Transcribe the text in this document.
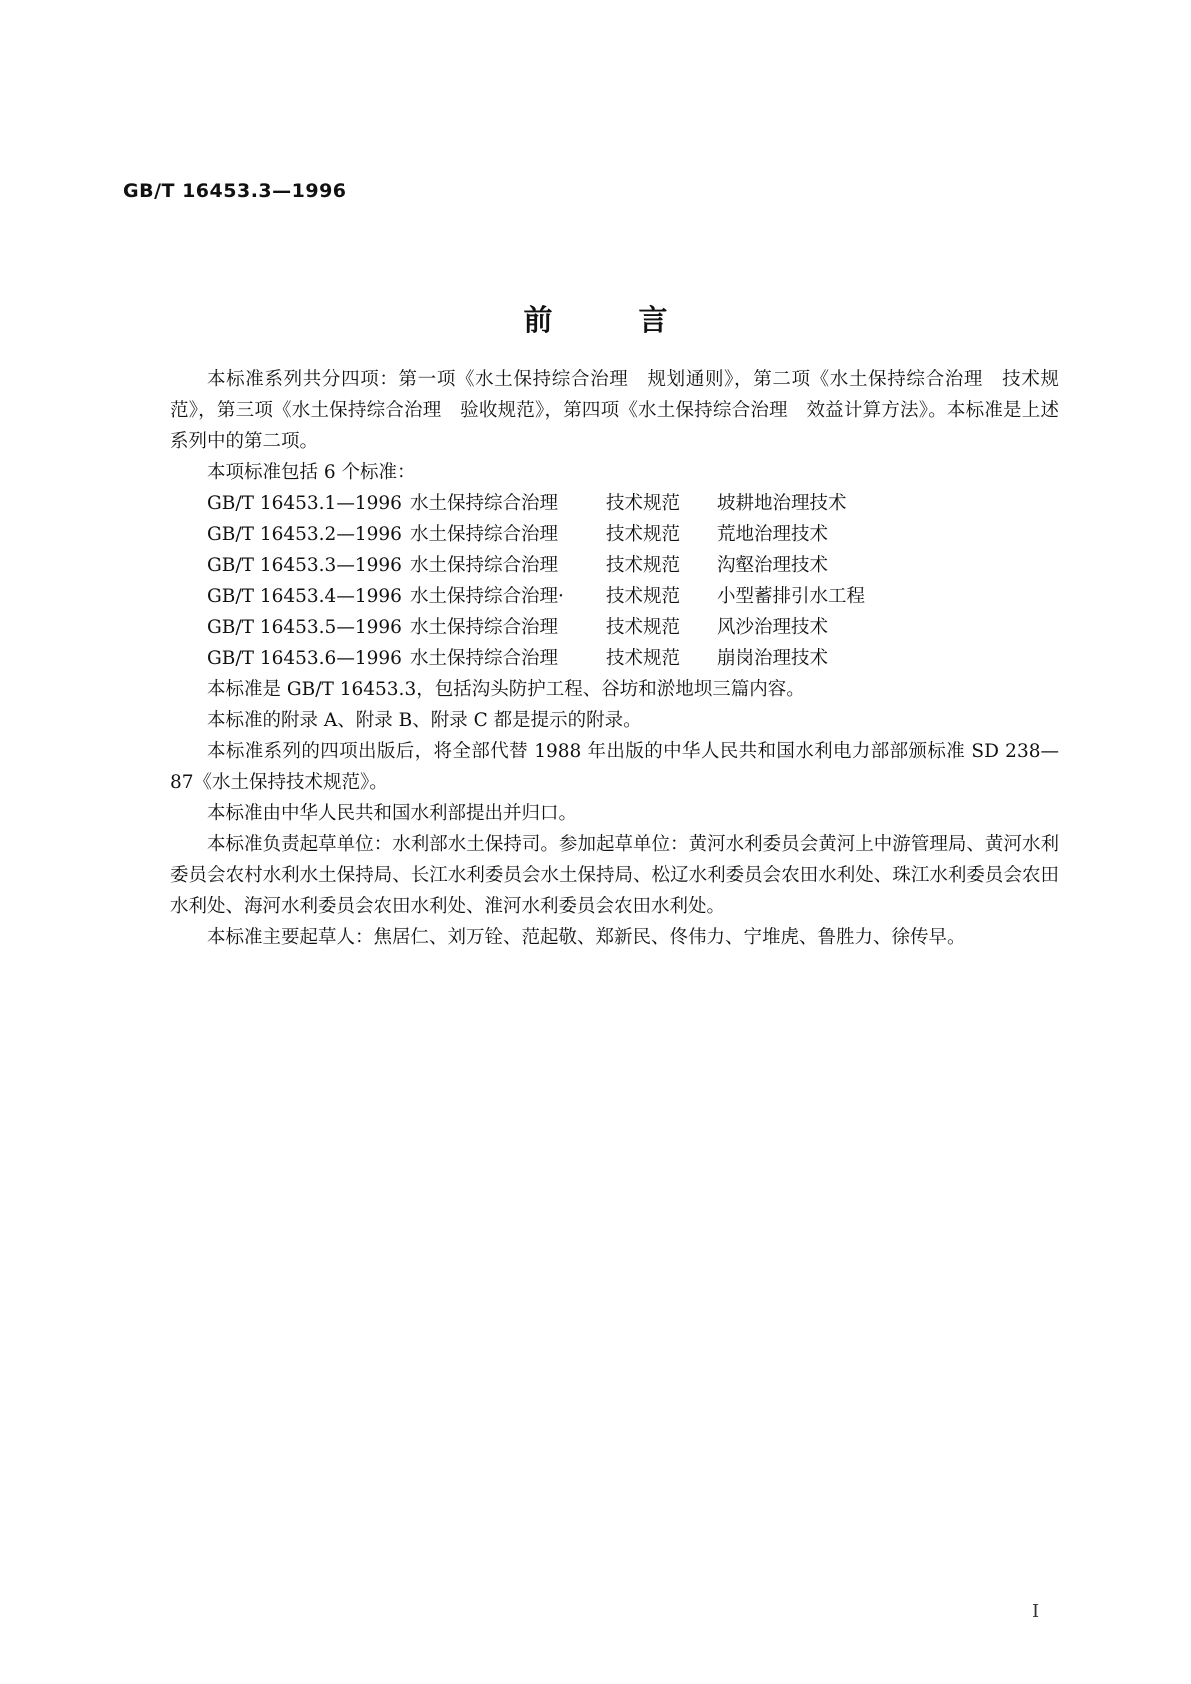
GB/T 16453.3—1996
前言

本标准系列共分四项：第一项《水土保持综合治理　规划通则》，第二项《水土保持综合治理　技术规范》，第三项《水土保持综合治理　验收规范》，第四项《水土保持综合治理　效益计算方法》。本标准是上述系列中的第二项。

本项标准包括 6 个标准：

GB/T 16453.1—1996 水土保持综合治理	技术规范	坡耕地治理技术
GB/T 16453.2—1996 水土保持综合治理	技术规范	荒地治理技术
GB/T 16453.3—1996 水土保持综合治理	技术规范	沟壑治理技术
GB/T 16453.4—1996 水土保持综合治理·	技术规范	小型蓄排引水工程
GB/T 16453.5—1996 水土保持综合治理	技术规范	风沙治理技术
GB/T 16453.6—1996 水土保持综合治理	技术规范	崩岗治理技术

本标准是 GB/T 16453.3，包括沟头防护工程、谷坊和淤地坝三篇内容。

本标准的附录 A、附录 B、附录 C 都是提示的附录。

本标准系列的四项出版后，将全部代替 1988 年出版的中华人民共和国水利电力部部颁标准 SD 238—87《水土保持技术规范》。

本标准由中华人民共和国水利部提出并归口。

本标准负责起草单位：水利部水土保持司。参加起草单位：黄河水利委员会黄河上中游管理局、黄河水利委员会农村水利水土保持局、长江水利委员会水土保持局、松辽水利委员会农田水利处、珠江水利委员会农田水利处、海河水利委员会农田水利处、淮河水利委员会农田水利处。

本标准主要起草人：焦居仁、刘万铨、范起敬、郑新民、佟伟力、宁堆虎、鲁胜力、徐传早。

I
